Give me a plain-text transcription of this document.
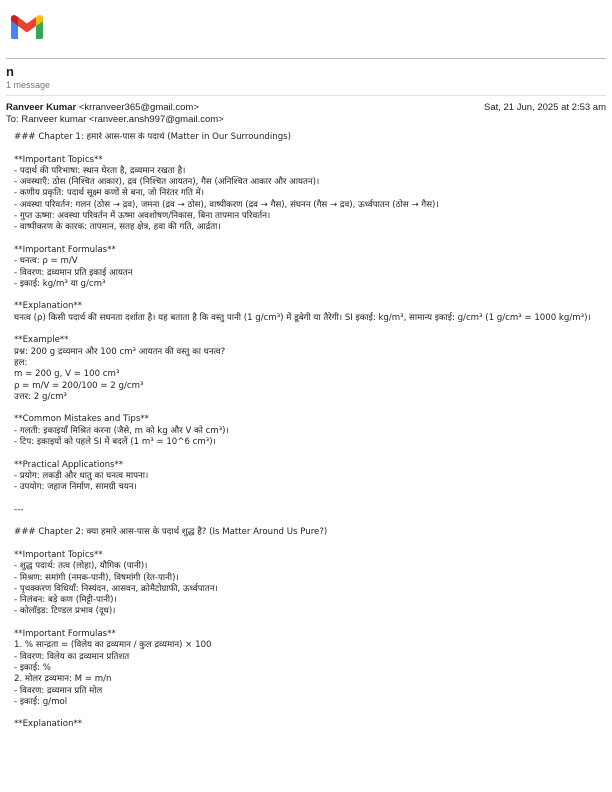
n
1 message
Ranveer Kumar <krranveer365@gmail.com>	Sat, 21 Jun, 2025 at 2:53 am
To: Ranveer kumar <ranveer.ansh997@gmail.com>
### Chapter 1: हमारे आस-पास के पदार्थ (Matter in Our Surroundings)
**Important Topics**
- पदार्थ की परिभाषा: स्थान घेरता है, द्रव्यमान रखता है।
- अवस्थाएँ: ठोस (निश्चित आकार), द्रव (निश्चित आयतन), गैस (अनिश्चित आकार और आयतन)।
- कणीय प्रकृति: पदार्थ सूक्ष्म कणों से बना, जो निरंतर गति में।
- अवस्था परिवर्तन: गलन (ठोस → द्रव), जमना (द्रव → ठोस), वाष्पीकरण (द्रव → गैस), संघनन (गैस → द्रव), ऊर्ध्वपातन (ठोस → गैस)।
- गुप्त ऊष्मा: अवस्था परिवर्तन में ऊष्मा अवशोषण/निकास, बिना तापमान परिवर्तन।
- वाष्पीकरण के कारक: तापमान, सतह क्षेत्र, हवा की गति, आर्द्रता।
**Important Formulas**
- घनत्व: ρ = m/V
- विवरण: द्रव्यमान प्रति इकाई आयतन
- इकाई: kg/m³ या g/cm³
**Explanation**
घनत्व (ρ) किसी पदार्थ की सघनता दर्शाता है। यह बताता है कि वस्तु पानी (1 g/cm³) में डूबेगी या तैरेगी। SI इकाई: kg/m³, सामान्य इकाई: g/cm³ (1 g/cm³ = 1000 kg/m³)।
**Example**
प्रश्न: 200 g द्रव्यमान और 100 cm³ आयतन की वस्तु का घनत्व?
हल:
m = 200 g, V = 100 cm³
ρ = m/V = 200/100 = 2 g/cm³
उत्तर: 2 g/cm³
**Common Mistakes and Tips**
- गलती: इकाइयाँ मिश्रित करना (जैसे, m को kg और V को cm³)।
- टिप: इकाइयों को पहले SI में बदलें (1 m³ = 10^6 cm³)।
**Practical Applications**
- प्रयोग: लकड़ी और धातु का घनत्व मापना।
- उपयोग: जहाज निर्माण, सामग्री चयन।
---
### Chapter 2: क्या हमारे आस-पास के पदार्थ शुद्ध हैं? (Is Matter Around Us Pure?)
**Important Topics**
- शुद्ध पदार्थ: तत्व (लोहा), यौगिक (पानी)।
- मिश्रण: समांगी (नमक-पानी), विषमांगी (रेत-पानी)।
- पृथक्करण विधियाँ: निस्यंदन, आसवन, क्रोमैटोग्राफी, ऊर्ध्वपातन।
- निलंबन: बड़े कण (मिट्टी-पानी)।
- कोलॉइड: टिण्डल प्रभाव (दूध)।
**Important Formulas**
1. % सान्द्रता = (विलेय का द्रव्यमान / कुल द्रव्यमान) × 100
- विवरण: विलेय का द्रव्यमान प्रतिशत
- इकाई: %
2. मोलर द्रव्यमान: M = m/n
- विवरण: द्रव्यमान प्रति मोल
- इकाई: g/mol
**Explanation**
